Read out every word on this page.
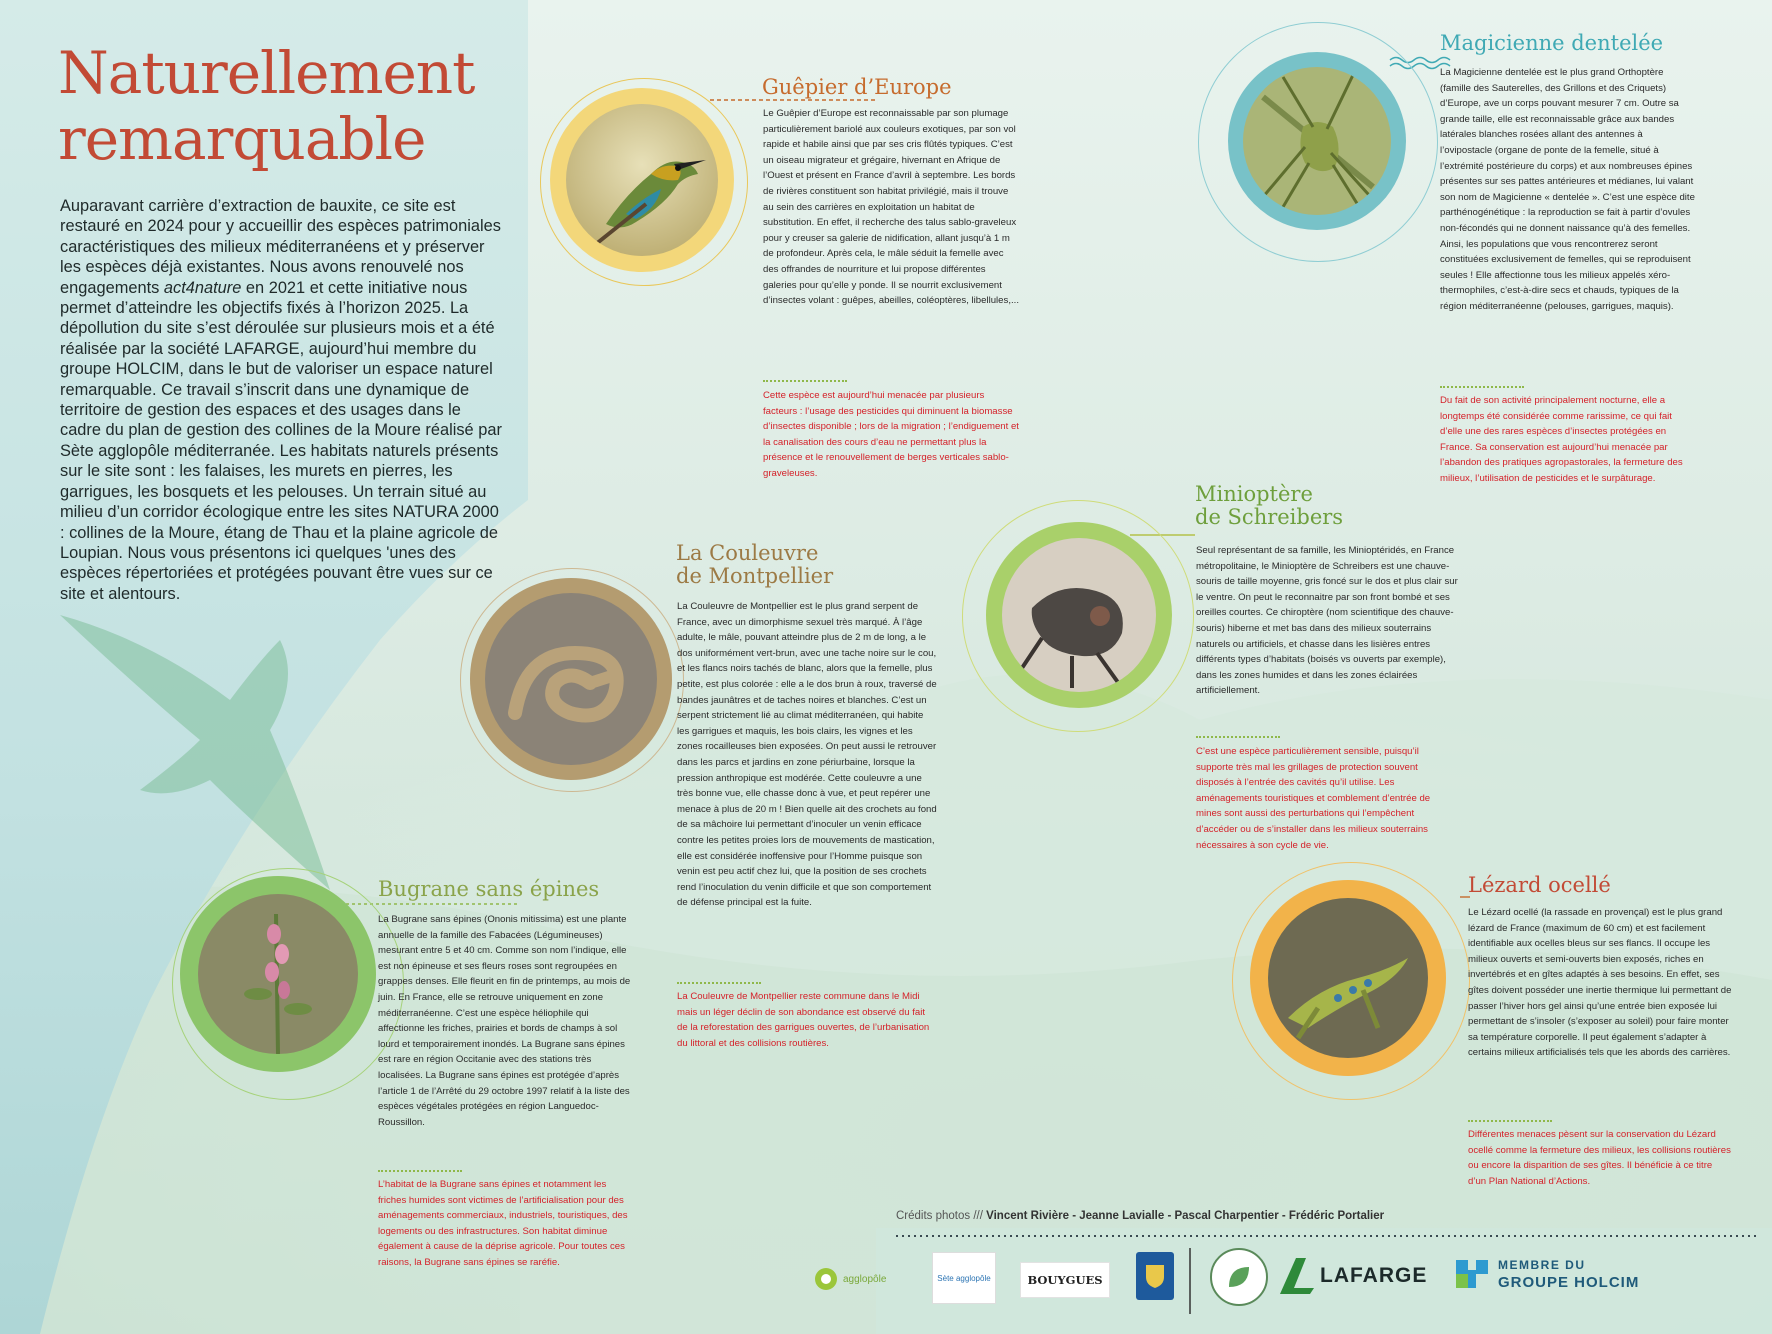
Naturellement
remarquable
Auparavant carrière d’extraction de bauxite, ce site est restauré en 2024 pour y accueillir des espèces patrimoniales caractéristiques des milieux méditerranéens et y préserver les espèces déjà existantes. Nous avons renouvelé nos engagements act4nature en 2021 et cette initiative nous permet d’atteindre les objectifs fixés à l’horizon 2025. La dépollution du site s’est déroulée sur plusieurs mois et a été réalisée par la société LAFARGE, aujourd’hui membre du groupe HOLCIM, dans le but de valoriser un espace naturel remarquable. Ce travail s’inscrit dans une dynamique de territoire de gestion des espaces et des usages dans le cadre du plan de gestion des collines de la Moure réalisé par Sète agglopôle méditerranée. Les habitats naturels présents sur le site sont : les falaises, les murets en pierres, les garrigues, les bosquets et les pelouses. Un terrain situé au milieu d’un corridor écologique entre les sites NATURA 2000 : collines de la Moure, étang de Thau et la plaine agricole de Loupian. Nous vous présentons ici quelques 'unes des espèces répertoriées et protégées pouvant être vues sur ce site et alentours.
Guêpier d’Europe
Le Guêpier d’Europe est reconnaissable par son plumage particulièrement bariolé aux couleurs exotiques, par son vol rapide et habile ainsi que par ses cris flûtés typiques. C’est un oiseau migrateur et grégaire, hivernant en Afrique de l’Ouest et présent en France d’avril à septembre. Les bords de rivières constituent son habitat privilégié, mais il trouve au sein des carrières en exploitation un habitat de substitution. En effet, il recherche des talus sablo-graveleux pour y creuser sa galerie de nidification, allant jusqu’à 1 m de profondeur. Après cela, le mâle séduit la femelle avec des offrandes de nourriture et lui propose différentes galeries pour qu’elle y ponde. Il se nourrit exclusivement d’insectes volant : guêpes, abeilles, coléoptères, libellules,...
Cette espèce est aujourd’hui menacée par plusieurs facteurs : l’usage des pesticides qui diminuent la biomasse d’insectes disponible ; lors de la migration ; l’endiguement et la canalisation des cours d’eau ne permettant plus la présence et le renouvellement de berges verticales sablo-graveleuses.
Magicienne dentelée
La Magicienne dentelée est le plus grand Orthoptère (famille des Sauterelles, des Grillons et des Criquets) d’Europe, ave un corps pouvant mesurer 7 cm. Outre sa grande taille, elle est reconnaissable grâce aux bandes latérales blanches rosées allant des antennes à l’ovipostacle (organe de ponte de la femelle, situé à l’extrémité postérieure du corps) et aux nombreuses épines présentes sur ses pattes antérieures et médianes, lui valant son nom de Magicienne « dentelée ». C’est une espèce dite parthénogénétique : la reproduction se fait à partir d’ovules non-fécondés qui ne donnent naissance qu’à des femelles. Ainsi, les populations que vous rencontrerez seront constituées exclusivement de femelles, qui se reproduisent seules ! Elle affectionne tous les milieux appelés xéro-thermophiles, c’est-à-dire secs et chauds, typiques de la région méditerranéenne (pelouses, garrigues, maquis).
Du fait de son activité principalement nocturne, elle a longtemps été considérée comme rarissime, ce qui fait d’elle une des rares espèces d’insectes protégées en France. Sa conservation est aujourd’hui menacée par l’abandon des pratiques agropastorales, la fermeture des milieux, l’utilisation de pesticides et le surpâturage.
La Couleuvre
de Montpellier
La Couleuvre de Montpellier est le plus grand serpent de France, avec un dimorphisme sexuel très marqué. À l’âge adulte, le mâle, pouvant atteindre plus de 2 m de long, a le dos uniformément vert-brun, avec une tache noire sur le cou, et les flancs noirs tachés de blanc, alors que la femelle, plus petite, est plus colorée : elle a le dos brun à roux, traversé de bandes jaunâtres et de taches noires et blanches. C’est un serpent strictement lié au climat méditerranéen, qui habite les garrigues et maquis, les bois clairs, les vignes et les zones rocailleuses bien exposées. On peut aussi le retrouver dans les parcs et jardins en zone périurbaine, lorsque la pression anthropique est modérée. Cette couleuvre a une très bonne vue, elle chasse donc à vue, et peut repérer une menace à plus de 20 m ! Bien quelle ait des crochets au fond de sa mâchoire lui permettant d’inoculer un venin efficace contre les petites proies lors de mouvements de mastication, elle est considérée inoffensive pour l’Homme puisque son venin est peu actif chez lui, que la position de ses crochets rend l’inoculation du venin difficile et que son comportement de défense principal est la fuite.
La Couleuvre de Montpellier reste commune dans le Midi mais un léger déclin de son abondance est observé du fait de la reforestation des garrigues ouvertes, de l’urbanisation du littoral et des collisions routières.
Minioptère
de Schreibers
Seul représentant de sa famille, les Minioptéridés, en France métropolitaine, le Minioptère de Schreibers est une chauve-souris de taille moyenne, gris foncé sur le dos et plus clair sur le ventre. On peut le reconnaitre par son front bombé et ses oreilles courtes. Ce chiroptère (nom scientifique des chauve-souris) hiberne et met bas dans des milieux souterrains naturels ou artificiels, et chasse dans les lisières entres différents types d’habitats (boisés vs ouverts par exemple), dans les zones humides et dans les zones éclairées artificiellement.
C’est une espèce particulièrement sensible, puisqu’il supporte très mal les grillages de protection souvent disposés à l’entrée des cavités qu’il utilise. Les aménagements touristiques et comblement d’entrée de mines sont aussi des perturbations qui l’empêchent d’accéder ou de s’installer dans les milieux souterrains nécessaires à son cycle de vie.
Bugrane sans épines
La Bugrane sans épines (Ononis mitissima) est une plante annuelle de la famille des Fabacées (Légumineuses) mesurant entre 5 et 40 cm. Comme son nom l’indique, elle est non épineuse et ses fleurs roses sont regroupées en grappes denses. Elle fleurit en fin de printemps, au mois de juin. En France, elle se retrouve uniquement en zone méditerranéenne. C’est une espèce héliophile qui affectionne les friches, prairies et bords de champs à sol lourd et temporairement inondés. La Bugrane sans épines est rare en région Occitanie avec des stations très localisées. La Bugrane sans épines est protégée d’après l’article 1 de l’Arrêté du 29 octobre 1997 relatif à la liste des espèces végétales protégées en région Languedoc-Roussillon.
L’habitat de la Bugrane sans épines et notamment les friches humides sont victimes de l’artificialisation pour des aménagements commerciaux, industriels, touristiques, des logements ou des infrastructures. Son habitat diminue également à cause de la déprise agricole. Pour toutes ces raisons, la Bugrane sans épines se raréfie.
Lézard ocellé
Le Lézard ocellé (la rassade en provençal) est le plus grand lézard de France (maximum de 60 cm) et est facilement identifiable aux ocelles bleus sur ses flancs. Il occupe les milieux ouverts et semi-ouverts bien exposés, riches en invertébrés et en gîtes adaptés à ses besoins. En effet, ses gîtes doivent posséder une inertie thermique lui permettant de passer l’hiver hors gel ainsi qu’une entrée bien exposée lui permettant de s’insoler (s’exposer au soleil) pour faire monter sa température corporelle. Il peut également s’adapter à certains milieux artificialisés tels que les abords des carrières.
Différentes menaces pèsent sur la conservation du Lézard ocellé comme la fermeture des milieux, les collisions routières ou encore la disparition de ses gîtes. Il bénéficie à ce titre d’un Plan National d’Actions.
Crédits photos /// Vincent Rivière - Jeanne Lavialle - Pascal Charpentier - Frédéric Portalier
agglopôle	Sète agglopôle	BOUYGUES	LAFARGE	MEMBRE DU
GROUPE HOLCIM
